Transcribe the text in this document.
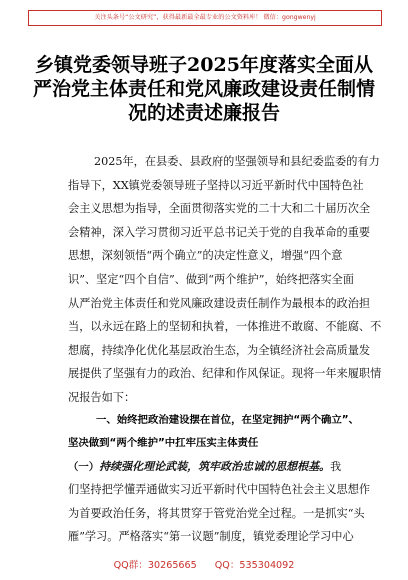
关注头条号“公文研究”，获得最新最全最专业的公文资料库！ 微信：gongwenyj
乡镇党委领导班子2025年度落实全面从
严治党主体责任和党风廉政建设责任制情
况的述责述廉报告
2025年，在县委、县政府的坚强领导和县纪委监委的有力
指导下，XX镇党委领导班子坚持以习近平新时代中国特色社
会主义思想为指导，全面贯彻落实党的二十大和二十届历次全
会精神，深入学习贯彻习近平总书记关于党的自我革命的重要
思想，深刻领悟“两个确立”的决定性意义，增强“四个意
识”、坚定“四个自信”、做到“两个维护”，始终把落实全面
从严治党主体责任和党风廉政建设责任制作为最根本的政治担
当，以永远在路上的坚韧和执着，一体推进不敢腐、不能腐、不
想腐，持续净化优化基层政治生态，为全镇经济社会高质量发
展提供了坚强有力的政治、纪律和作风保证。现将一年来履职情
况报告如下：
一、始终把政治建设摆在首位，在坚定拥护“两个确立”、
坚决做到“两个维护”中扛牢压实主体责任
（一）持续强化理论武装，筑牢政治忠诚的思想根基。我
们坚持把学懂弄通做实习近平新时代中国特色社会主义思想作
为首要政治任务，将其贯穿于管党治党全过程。一是抓实“头
雁”学习。严格落实“第一议题”制度，镇党委理论学习中心
QQ群：30265665 QQ：535304092
